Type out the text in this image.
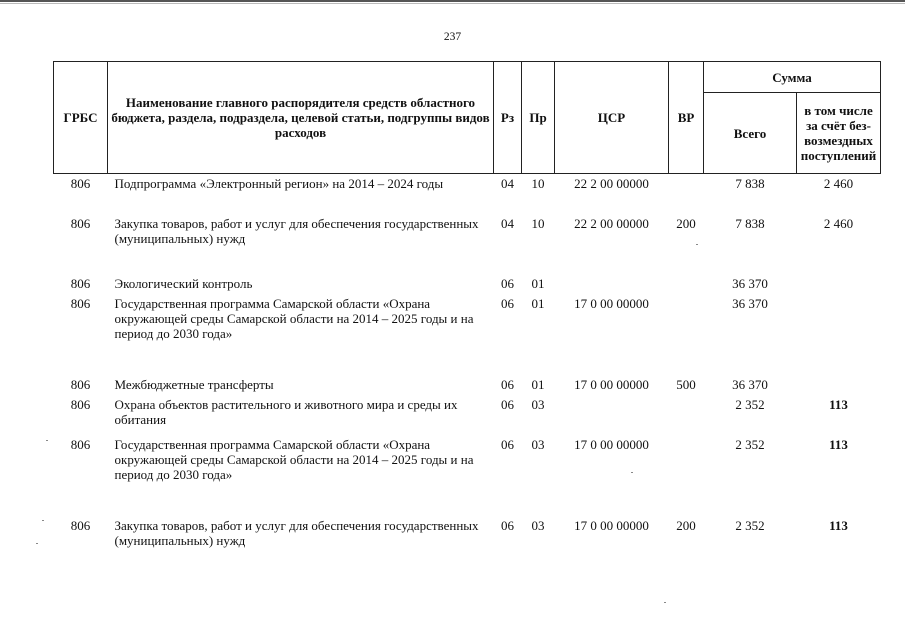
237
ГРБС	Наименование главного распорядителя средств областного бюджета, раздела, подраздела, целевой статьи, подгруппы видов расходов	Рз	Пр	ЦСР	ВР	Сумма	
						Всего	в том числе за счёт без- возмездных поступлений
806	Подпрограмма «Электронный регион» на 2014 – 2024 годы	04	10	22 2 00 00000		7 838	2 460
806	Закупка товаров, работ и услуг для обеспечения государственных (муниципальных) нужд	04	10	22 2 00 00000	200	7 838	2 460
806	Экологический контроль	06	01			36 370	
806	Государственная программа Самарской области «Охрана окружающей среды Самарской области на 2014 – 2025 годы и на период до 2030 года»	06	01	17 0 00 00000		36 370	
806	Межбюджетные трансферты	06	01	17 0 00 00000	500	36 370	
806	Охрана объектов растительного и животного мира и среды их обитания	06	03			2 352	113
806	Государственная программа Самарской области «Охрана окружающей среды Самарской области на 2014 – 2025 годы и на период до 2030 года»	06	03	17 0 00 00000		2 352	113
806	Закупка товаров, работ и услуг для обеспечения государственных (муниципальных) нужд	06	03	17 0 00 00000	200	2 352	113
